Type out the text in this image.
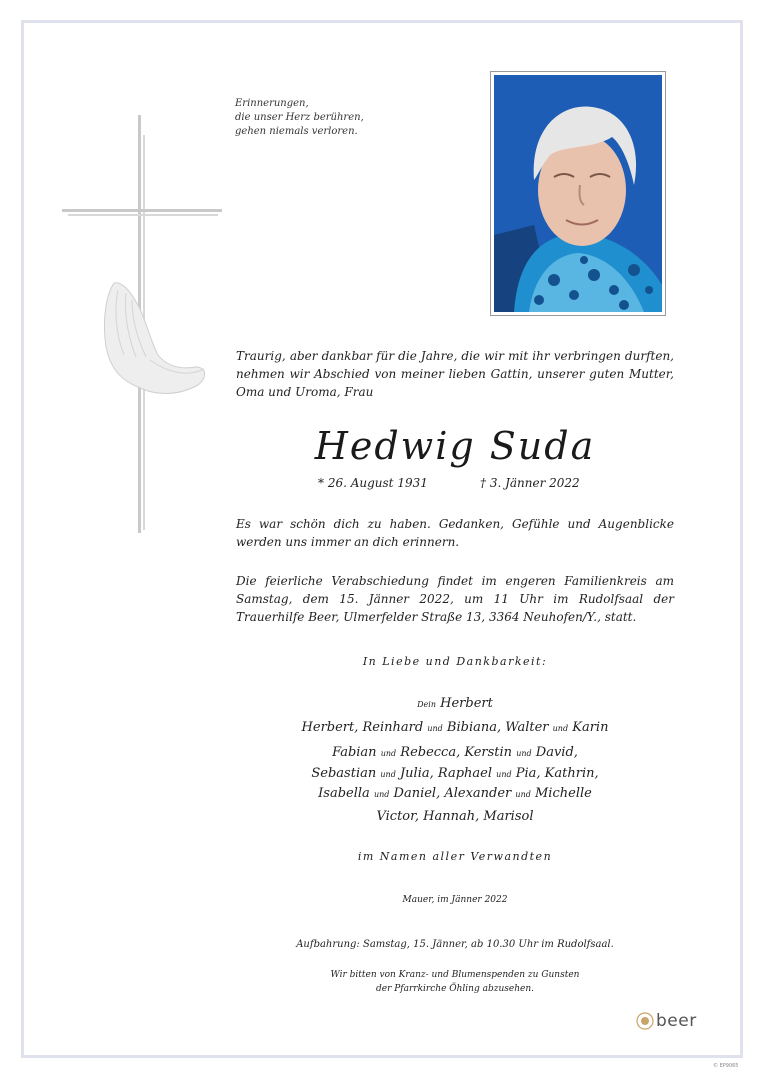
Erinnerungen,
die unser Herz berühren,
gehen niemals verloren.
Traurig, aber dankbar für die Jahre, die wir mit ihr verbringen durften, nehmen wir Abschied von meiner lieben Gattin, unserer guten Mutter, Oma und Uroma, Frau
Hedwig Suda
* 26. August 1931	† 3. Jänner 2022
Es war schön dich zu haben. Gedanken, Gefühle und Augenblicke werden uns immer an dich erinnern.
Die feierliche Verabschiedung findet im engeren Familienkreis am Samstag, dem 15. Jänner 2022, um 11 Uhr im Rudolfsaal der Trauerhilfe Beer, Ulmerfelder Straße 13, 3364 Neuhofen/Y., statt.
In Liebe und Dankbarkeit:
Dein Herbert
Herbert, Reinhard und Bibiana, Walter und Karin
Fabian und Rebecca, Kerstin und David,
Sebastian und Julia, Raphael und Pia, Kathrin,
Isabella und Daniel, Alexander und Michelle
Victor, Hannah, Marisol
im Namen aller Verwandten
Mauer, im Jänner 2022
Aufbahrung: Samstag, 15. Jänner, ab 10.30 Uhr im Rudolfsaal.
Wir bitten von Kranz- und Blumenspenden zu Gunsten
der Pfarrkirche Öhling abzusehen.
beer
© EP9065
